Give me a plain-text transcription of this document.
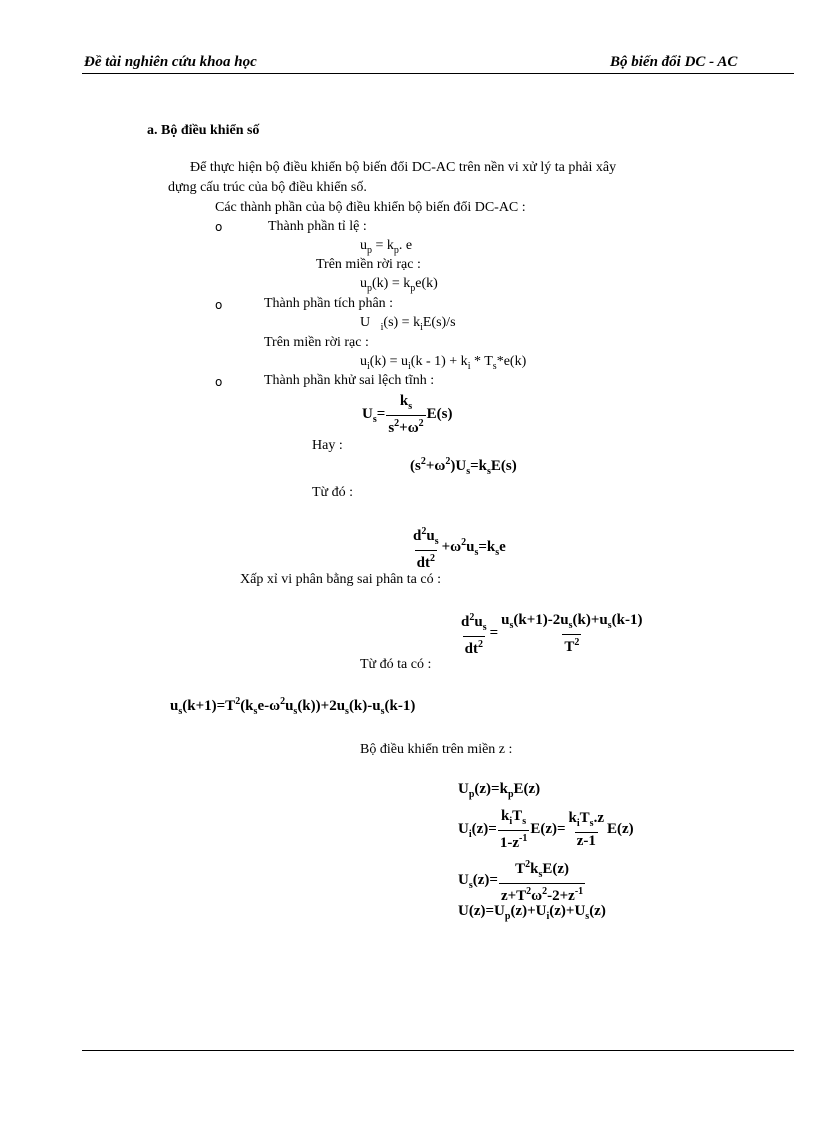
Đề tài nghiên cứu khoa học	Bộ biến đổi DC - AC
a. Bộ điều khiển số
Để thực hiện bộ điều khiển bộ biến đổi DC-AC trên nền vi xử lý ta phải xây
dựng cấu trúc của bộ điều khiển số.
Các thành phần của bộ điều khiển bộ biến đổi DC-AC :
o	Thành phần tỉ lệ :
$u_p = k_p$. e
Trên miền rời rạc :
$u_p(k) = k_pe(k)$
o	Thành phần tích phân :
U   $_i(s) = k_iE(s)/s$
Trên miền rời rạc :
$u_i(k) = u_i(k - 1) + k_i * T_s*e(k)$
o	Thành phần khử sai lệch tĩnh :
$U_s= \frac{k_s}{s^2+\omega^2} E(s)$
Hay :
$(s^2+\omega^2)U_s=k_sE(s)$
Từ đó :
$\frac{d^2u_s}{dt^2} +\omega^2u_s=k_se$
Xấp xỉ vi phân bằng sai phân ta có :
$\frac{d^2u_s}{dt^2} = \frac{u_s(k+1)-2u_s(k)+u_s(k-1)}{T^2}$
Từ đó ta có :
$u_s(k+1)=T^2(k_se-\omega^2u_s(k))+2u_s(k)-u_s(k-1)$
Bộ điều khiển trên miền z :
$U_p(z)=k_pE(z)$
$U_i(z)= \frac{k_iT_s}{1-z^{-1}} E(z)= \frac{k_iT_s.z}{z-1} E(z)$
$U_s(z)= \frac{T^2k_sE(z)}{z+T^2\omega^2-2+z^{-1}}$
$U(z)=U_p(z)+U_i(z)+U_s(z)$
